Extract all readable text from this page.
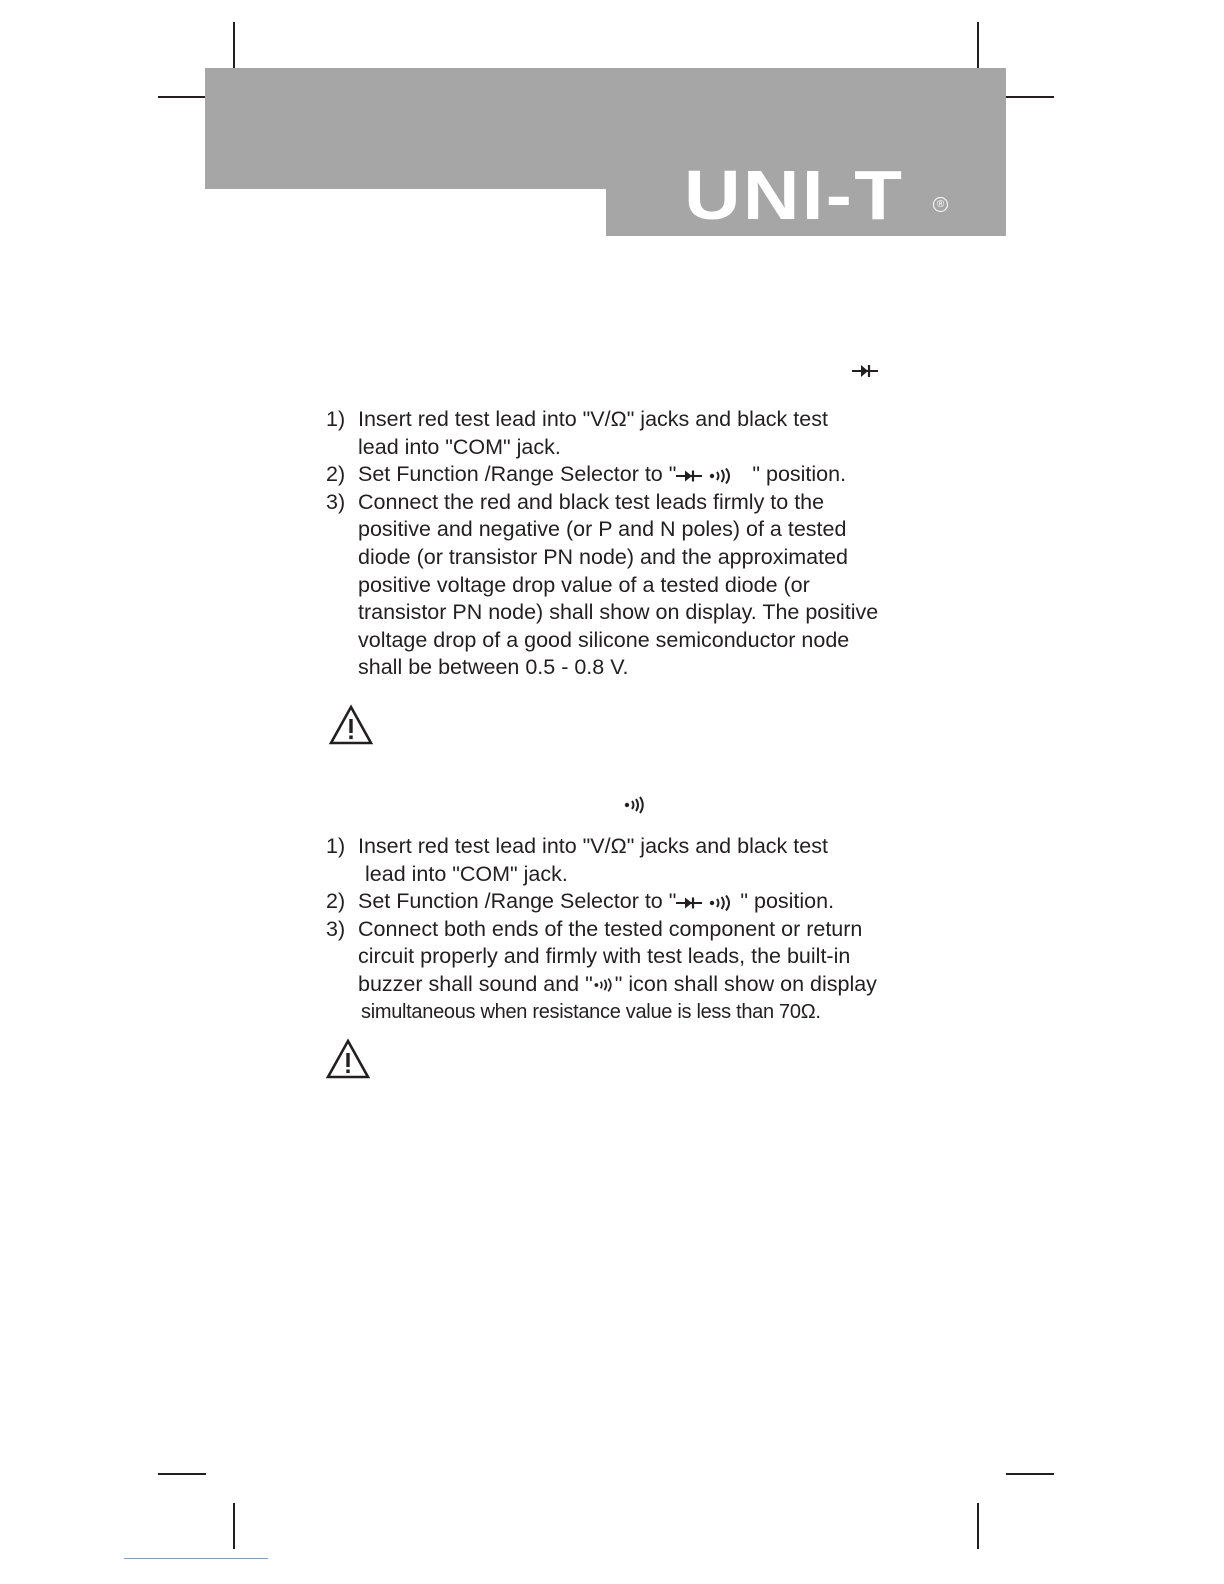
UNI-T	®
1) Insert red test lead into "V/Ω" jacks and black test
lead into "COM" jack.
2) Set Function /Range Selector to "	" position.
3) Connect the red and black test leads firmly to the
positive and negative (or P and N poles) of a tested
diode (or transistor PN node) and the approximated
positive voltage drop value of a tested diode (or
transistor PN node) shall show on display. The positive
voltage drop of a good silicone semiconductor node
shall be between 0.5 - 0.8 V.
1) Insert red test lead into "V/Ω" jacks and black test
lead into "COM" jack.
2) Set Function /Range Selector to "	" position.
3) Connect both ends of the tested component or return
circuit properly and firmly with test leads, the built-in
buzzer shall sound and " " icon shall show on display
simultaneous when resistance value is less than 70Ω.
